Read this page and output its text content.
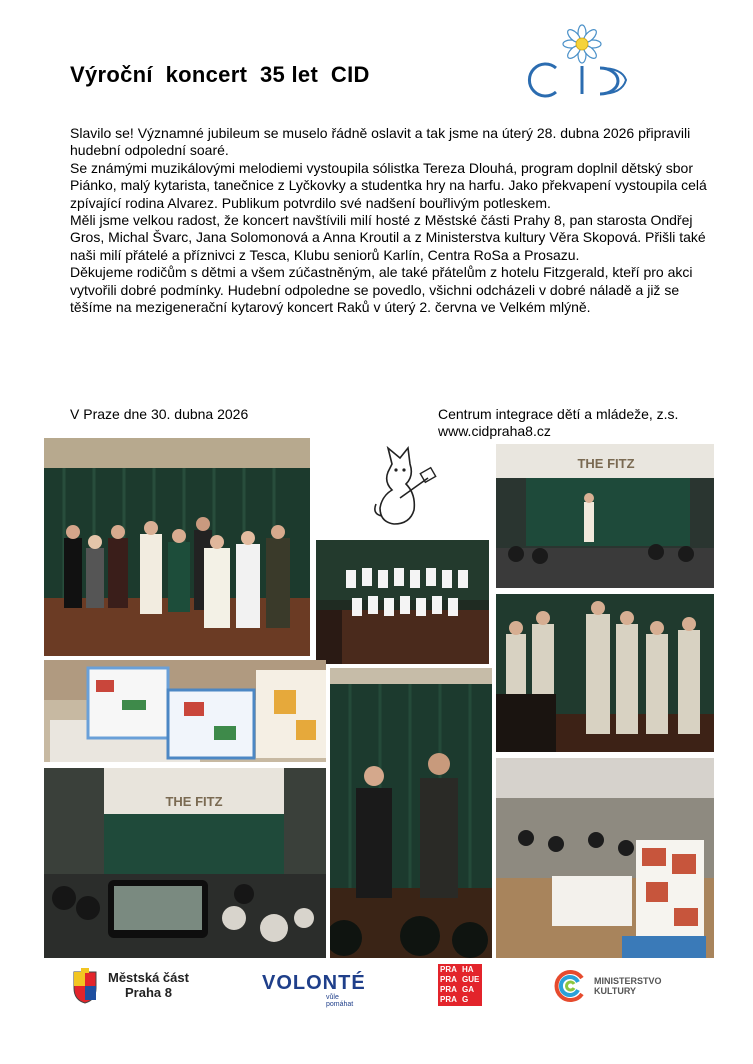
Výroční  koncert  35 let  CID

Slavilo se! Významné jubileum se muselo řádně oslavit a tak jsme na úterý 28. dubna 2026 připravili hudební odpolední soaré.

Se známými muzikálovými melodiemi vystoupila sólistka Tereza Dlouhá, program doplnil dětský sbor Piánko, malý kytarista, tanečnice z Lyčkovky a studentka hry na harfu. Jako překvapení vystoupila celá zpívající rodina Alvarez. Publikum potvrdilo své nadšení bouřlivým potleskem.

Měli jsme velkou radost, že koncert navštívili milí hosté z Městské části Prahy 8, pan starosta Ondřej Gros, Michal Švarc, Jana Solomonová a Anna Kroutil a z Ministerstva kultury Věra Skopová. Přišli také naši milí přátelé a příznivci z Tesca, Klubu seniorů Karlín, Centra RoSa a Prosazu.

Děkujeme rodičům s dětmi a všem zúčastněným, ale také přátelům z hotelu Fitzgerald, kteří pro akci vytvořili dobré podmínky. Hudební odpoledne se povedlo, všichni odcházeli v dobré náladě a již se těšíme na mezigenerační kytarový koncert Raků v úterý 2. června ve Velkém mlýně.

V Praze dne 30. dubna 2026	Centrum integrace dětí a mládeže, z.s.
www.cidpraha8.cz
THE FITZ
THE FITZ
Městská část
Praha 8	VOLONTÉ
vůle pomáhat
PRA HA
PRA GUE
PRA GA
PRA G
MINISTERSTVO
KULTURY
